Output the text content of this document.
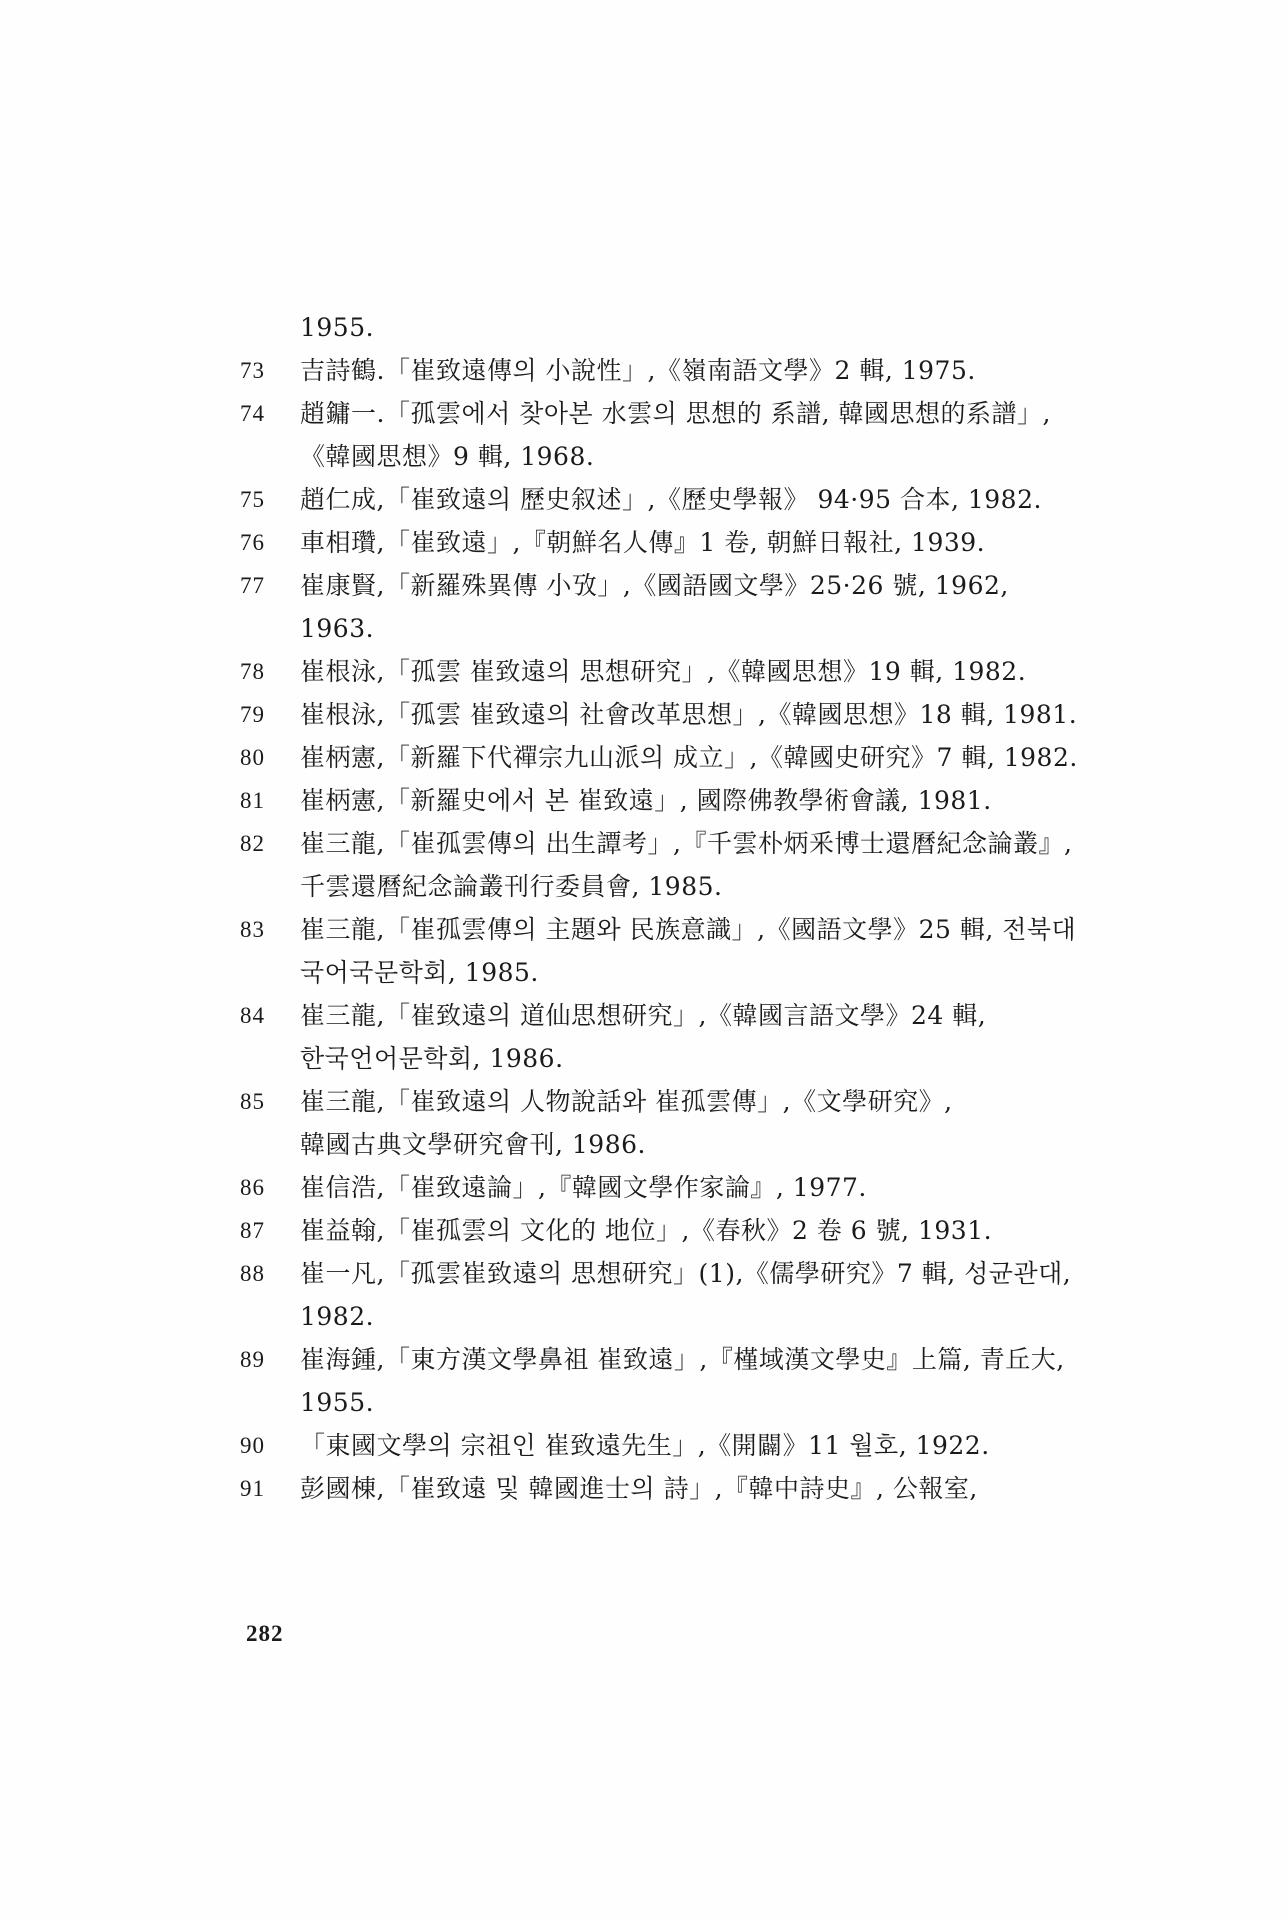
1955.
73	吉詩鶴.「崔致遠傳의 小說性」,《嶺南語文學》2 輯, 1975.
74	趙鏞一.「孤雲에서 찾아본 水雲의 思想的 系譜, 韓國思想的系譜」,《韓國思想》9 輯, 1968.
75	趙仁成,「崔致遠의 歷史叙述」,《歷史學報》 94·95 合本, 1982.
76	車相瓚,「崔致遠」,『朝鮮名人傳』1 卷, 朝鮮日報社, 1939.
77	崔康賢,「新羅殊異傳 小攷」,《國語國文學》25·26 號, 1962, 1963.
78	崔根泳,「孤雲 崔致遠의 思想研究」,《韓國思想》19 輯, 1982.
79	崔根泳,「孤雲 崔致遠의 社會改革思想」,《韓國思想》18 輯, 1981.
80	崔柄憲,「新羅下代禪宗九山派의 成立」,《韓國史研究》7 輯, 1982.
81	崔柄憲,「新羅史에서 본 崔致遠」, 國際佛教學術會議, 1981.
82	崔三龍,「崔孤雲傳의 出生譚考」,『千雲朴炳釆博士還曆紀念論叢』, 千雲還曆紀念論叢刊行委員會, 1985.
83	崔三龍,「崔孤雲傳의 主題와 民族意識」,《國語文學》25 輯, 전북대 국어국문학회, 1985.
84	崔三龍,「崔致遠의 道仙思想研究」,《韓國言語文學》24 輯, 한국언어문학회, 1986.
85	崔三龍,「崔致遠의 人物說話와 崔孤雲傳」,《文學研究》, 韓國古典文學研究會刊, 1986.
86	崔信浩,「崔致遠論」,『韓國文學作家論』, 1977.
87	崔益翰,「崔孤雲의 文化的 地位」,《春秋》2 卷 6 號, 1931.
88	崔一凡,「孤雲崔致遠의 思想研究」(1),《儒學研究》7 輯, 성균관대, 1982.
89	崔海鍾,「東方漢文學鼻祖 崔致遠」,『槿域漢文學史』上篇, 青丘大, 1955.
90	「東國文學의 宗祖인 崔致遠先生」,《開闢》11 월호, 1922.
91	彭國棟,「崔致遠 및 韓國進士의 詩」,『韓中詩史』, 公報室,
282
